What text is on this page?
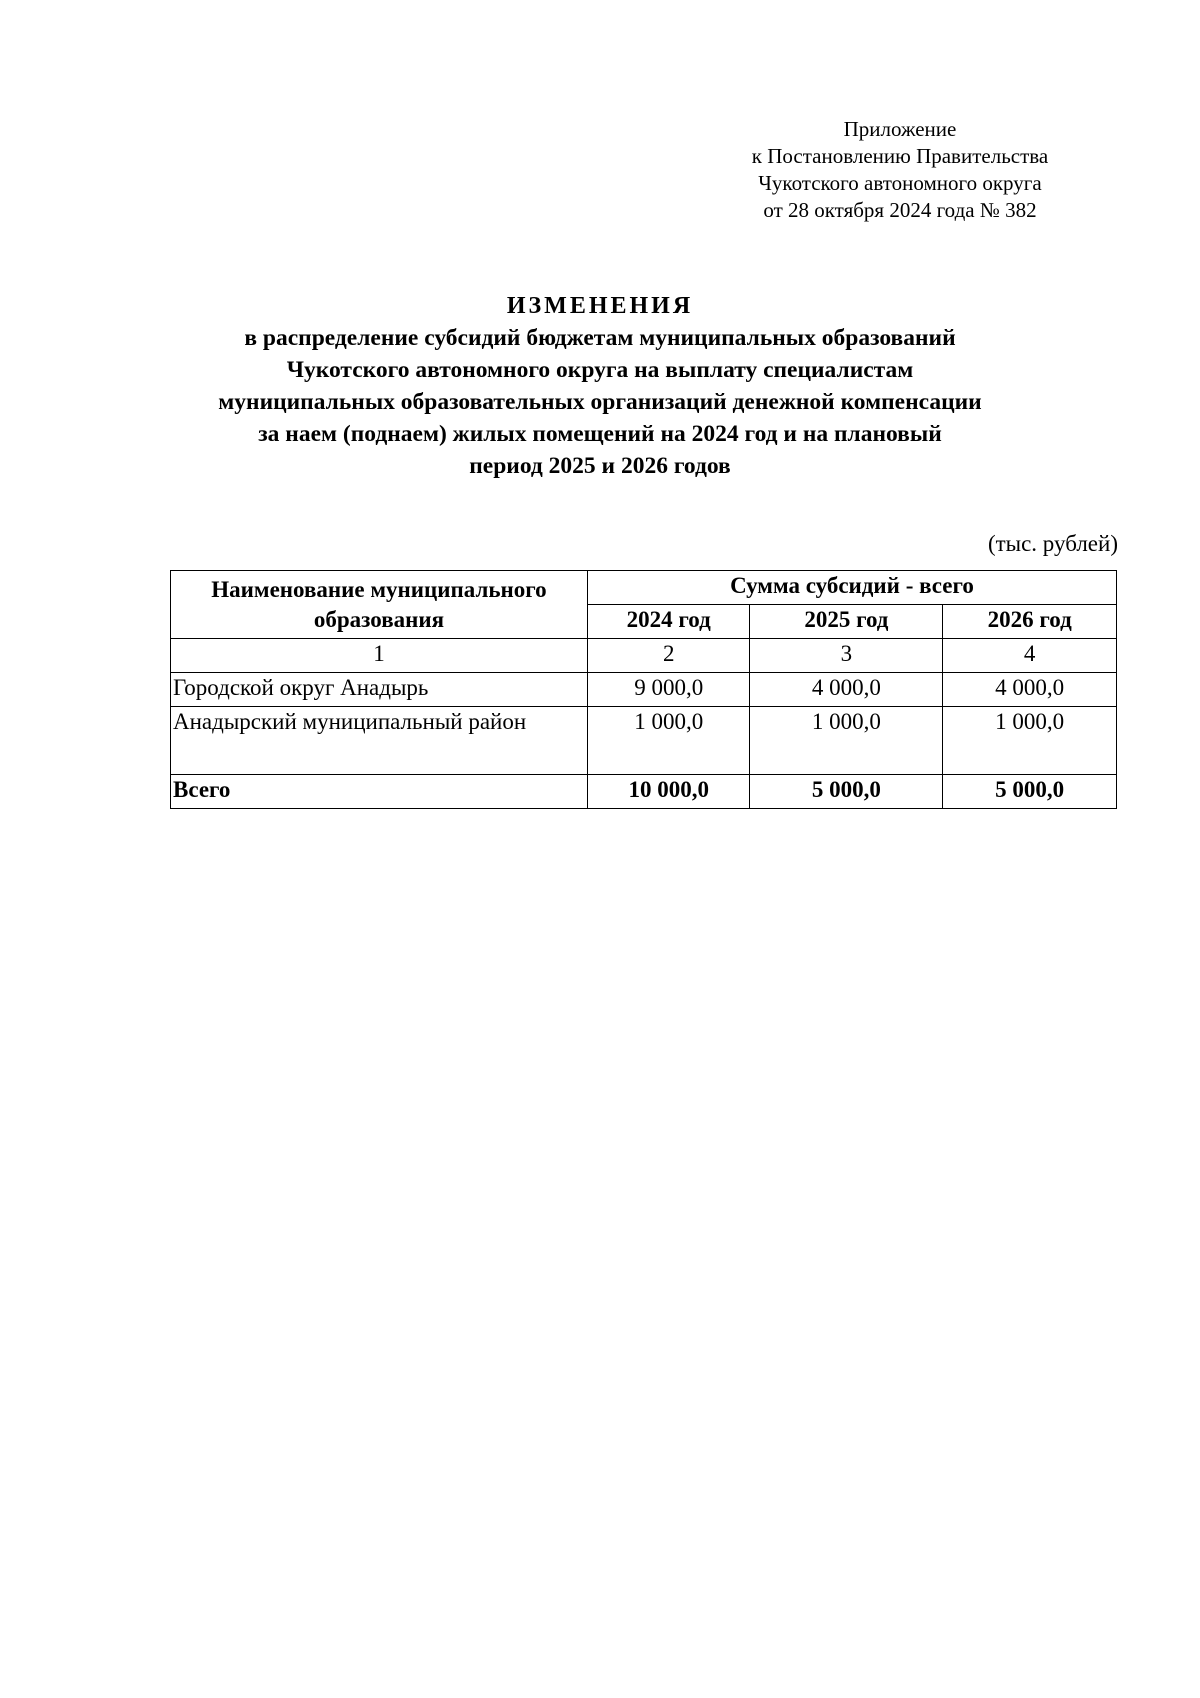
Приложение
к Постановлению Правительства
Чукотского автономного округа
от 28 октября 2024 года № 382
ИЗМЕНЕНИЯ
в распределение субсидий бюджетам муниципальных образований
Чукотского автономного округа на выплату специалистам
муниципальных образовательных организаций денежной компенсации
за наем (поднаем) жилых помещений на 2024 год и на плановый
период 2025 и 2026 годов
(тыс. рублей)
Наименование муниципального образования	Сумма субсидий - всего		
	2024 год	2025 год	2026 год
1	2	3	4
Городской округ Анадырь	9 000,0	4 000,0	4 000,0
Анадырский муниципальный район	1 000,0	1 000,0	1 000,0
Всего	10 000,0	5 000,0	5 000,0
